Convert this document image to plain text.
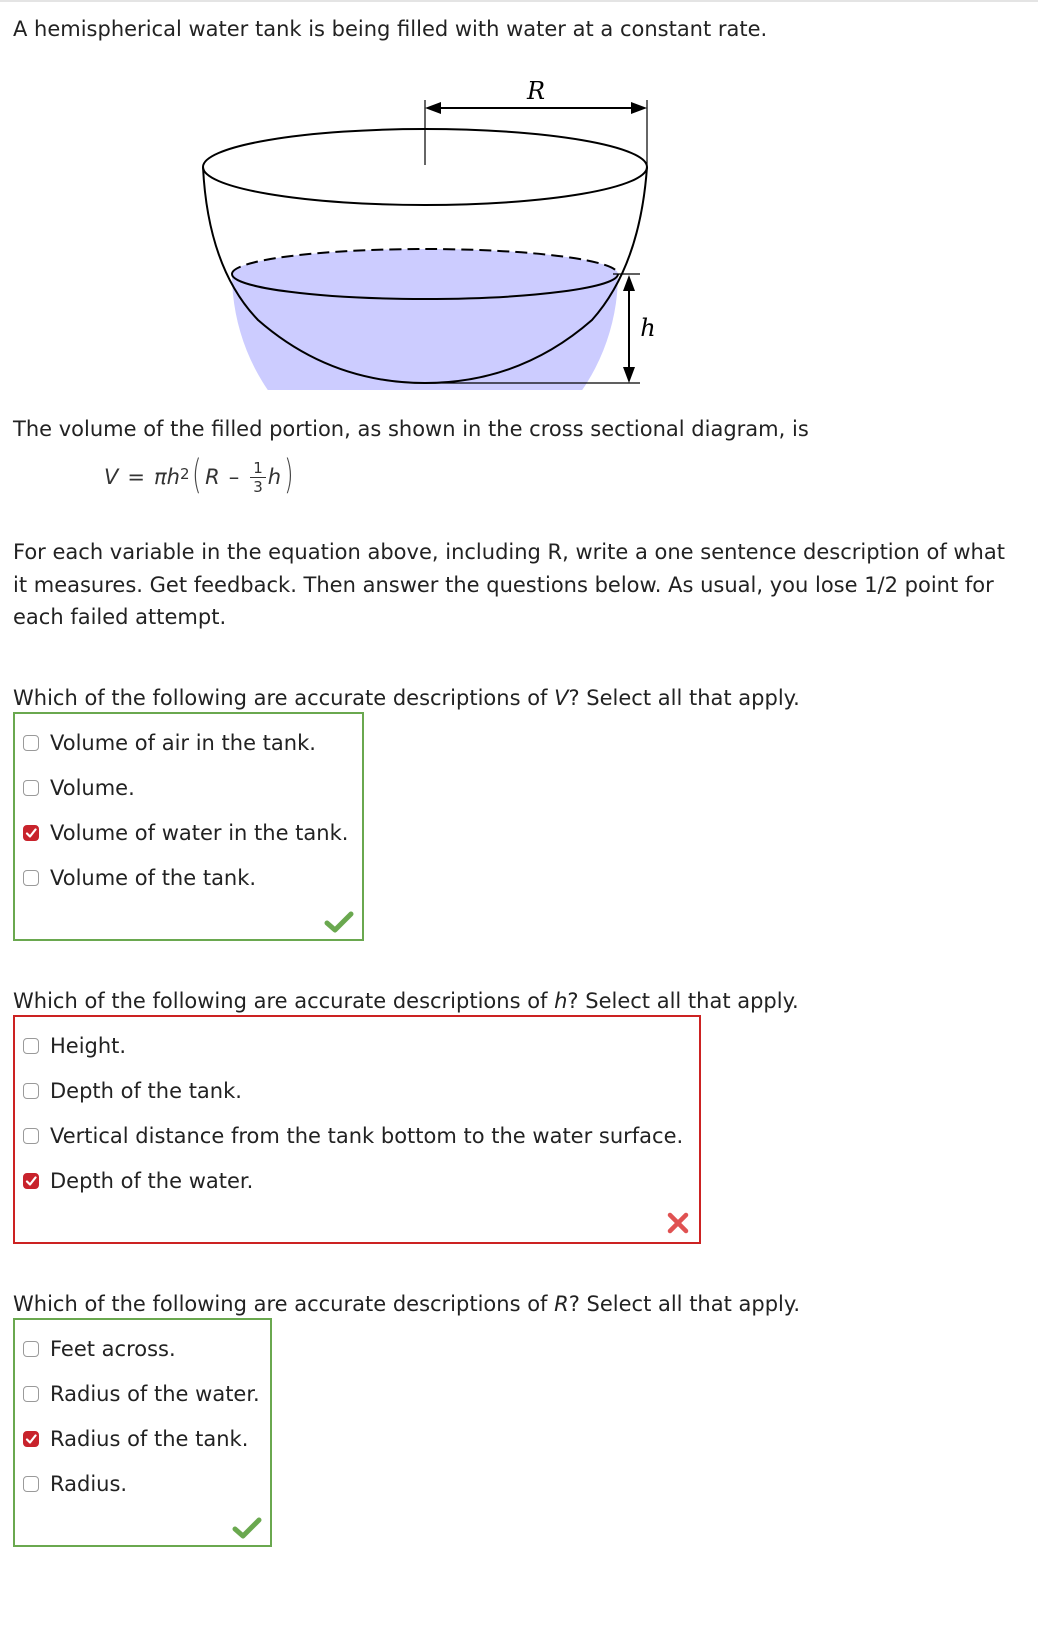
A hemispherical water tank is being filled with water at a constant rate.

R
h

The volume of the filled portion, as shown in the cross sectional diagram, is

$V = \pi h^2$ ( R – $\frac{1}{3}$ h )

For each variable in the equation above, including R, write a one sentence description of what it measures. Get feedback. Then answer the questions below. As usual, you lose 1/2 point for each failed attempt.

Which of the following are accurate descriptions of V? Select all that apply.

Volume of air in the tank.
Volume.
Volume of water in the tank.
Volume of the tank.

Which of the following are accurate descriptions of h? Select all that apply.

Height.
Depth of the tank.
Vertical distance from the tank bottom to the water surface.
Depth of the water.

Which of the following are accurate descriptions of R? Select all that apply.

Feet across.
Radius of the water.
Radius of the tank.
Radius.
